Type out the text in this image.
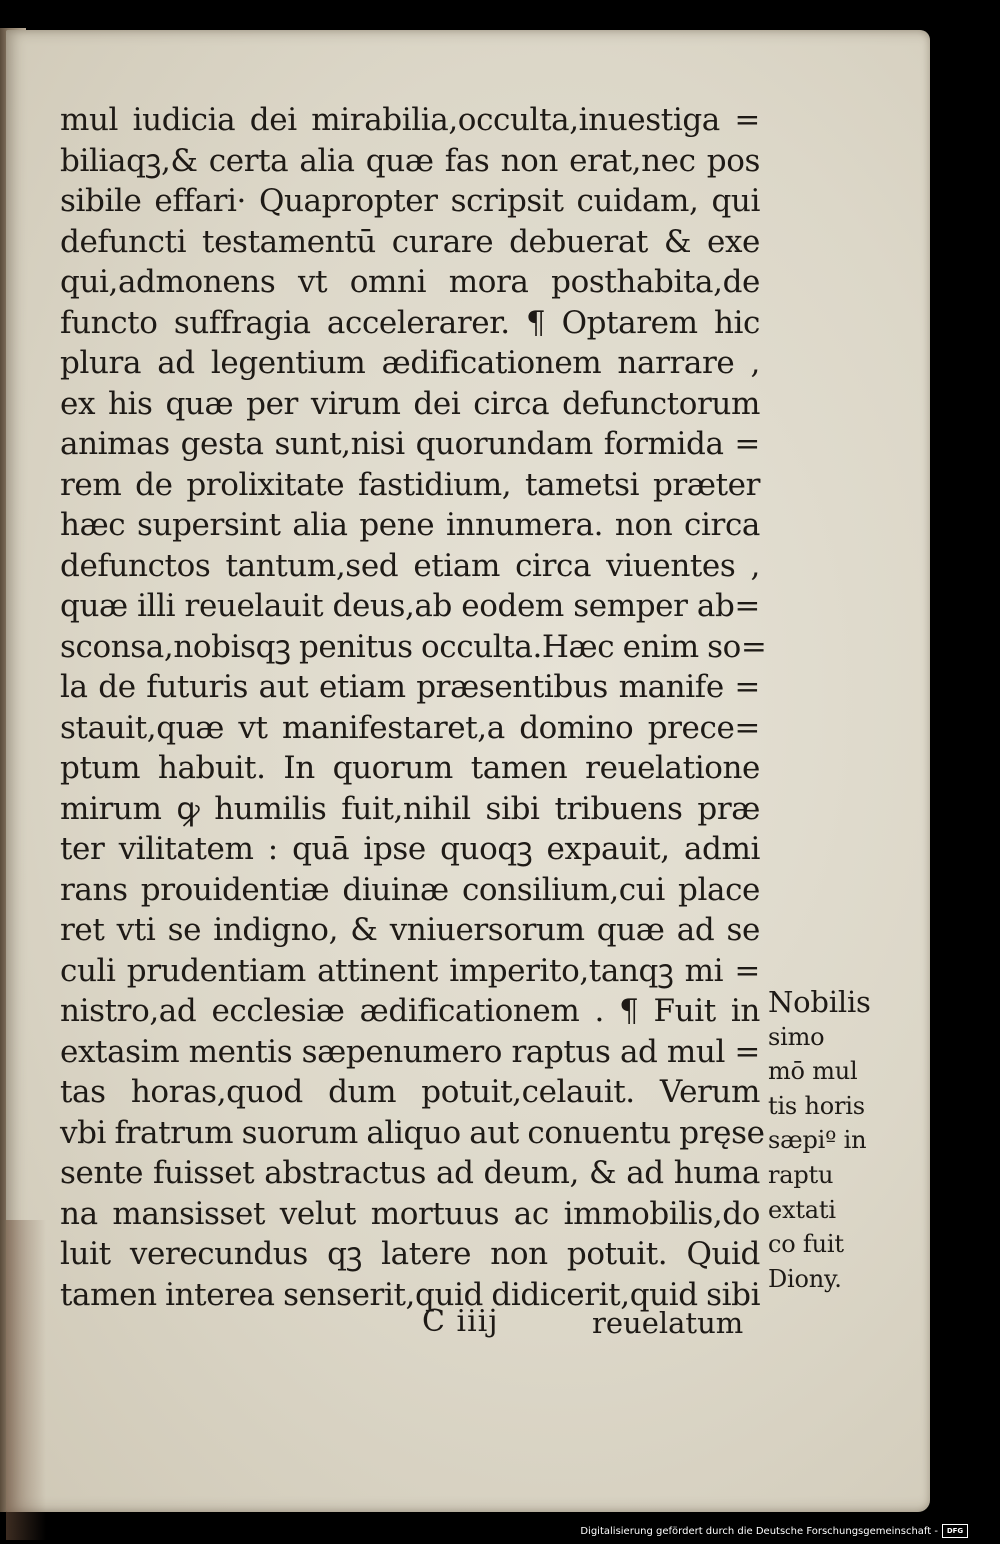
mul iudicia dei mirabilia,occulta,inuestiga =
biliaqꝫ,& certa alia quæ fas non erat,nec pos
sibile effari· Quapropter scripsit cuidam, qui
defuncti testamentū curare debuerat & exe
qui,admonens vt omni mora posthabita,de
functo suffragia accelerarer. ¶ Optarem hic
plura ad legentium ædificationem narrare ,
ex his quæ per virum dei circa defunctorum
animas gesta sunt,nisi quorundam formida =
rem de prolixitate fastidium, tametsi præter
hæc supersint alia pene innumera. non circa
defunctos tantum,sed etiam circa viuentes ,
quæ illi reuelauit deus,ab eodem semper ab=
sconsa,nobisqꝫ penitus occulta.Hæc enim so=
la de futuris aut etiam præsentibus manife =
stauit,quæ vt manifestaret,a domino prece=
ptum habuit. In quorum tamen reuelatione
mirum ꝙ humilis fuit,nihil sibi tribuens præ
ter vilitatem : quā ipse quoqꝫ expauit, admi
rans prouidentiæ diuinæ consilium,cui place
ret vti se indigno, & vniuersorum quæ ad se
culi prudentiam attinent imperito,tanqꝫ mi =
nistro,ad ecclesiæ ædificationem . ¶ Fuit in
extasim mentis sæpenumero raptus ad mul =
tas horas,quod dum potuit,celauit. Verum
vbi fratrum suorum aliquo aut conuentu pręse
sente fuisset abstractus ad deum, & ad huma
na mansisset velut mortuus ac immobilis,do
luit verecundus qꝫ latere non potuit. Quid
tamen interea senserit,quid didicerit,quid sibi
Nobilis
simo
mō mul
tis horis
sæpiº in
raptu
extati
co fuit
Diony.
C iiij	reuelatum
Digitalisierung gefördert durch die Deutsche Forschungsgemeinschaft -	DFG
